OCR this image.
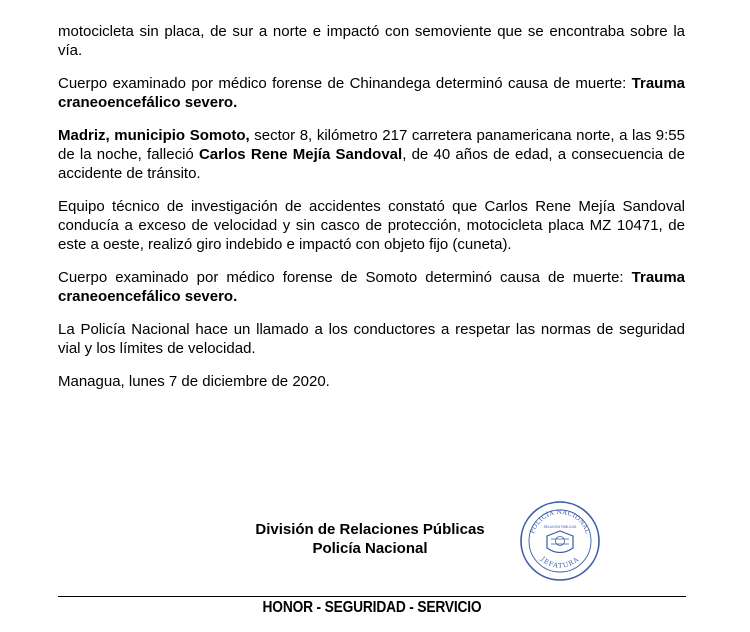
motocicleta sin placa, de sur a norte e impactó con semoviente que se encontraba sobre la vía.

Cuerpo examinado por médico forense de Chinandega determinó causa de muerte: Trauma craneoencefálico severo.

Madriz, municipio Somoto, sector 8, kilómetro 217 carretera panamericana norte, a las 9:55 de la noche, falleció Carlos Rene Mejía Sandoval, de 40 años de edad, a consecuencia de accidente de tránsito.

Equipo técnico de investigación de accidentes constató que Carlos Rene Mejía Sandoval conducía a exceso de velocidad y sin casco de protección, motocicleta placa MZ 10471, de este a oeste, realizó giro indebido e impactó con objeto fijo (cuneta).

Cuerpo examinado por médico forense de Somoto determinó causa de muerte: Trauma craneoencefálico severo.

La Policía Nacional hace un llamado a los conductores a respetar las normas de seguridad vial y los límites de velocidad.

Managua, lunes 7 de diciembre de 2020.

División de Relaciones Públicas
Policía Nacional
POLICÍA NACIONAL
JEFATURA
RELACIÓN PÚBLICAS
HONOR - SEGURIDAD - SERVICIO
